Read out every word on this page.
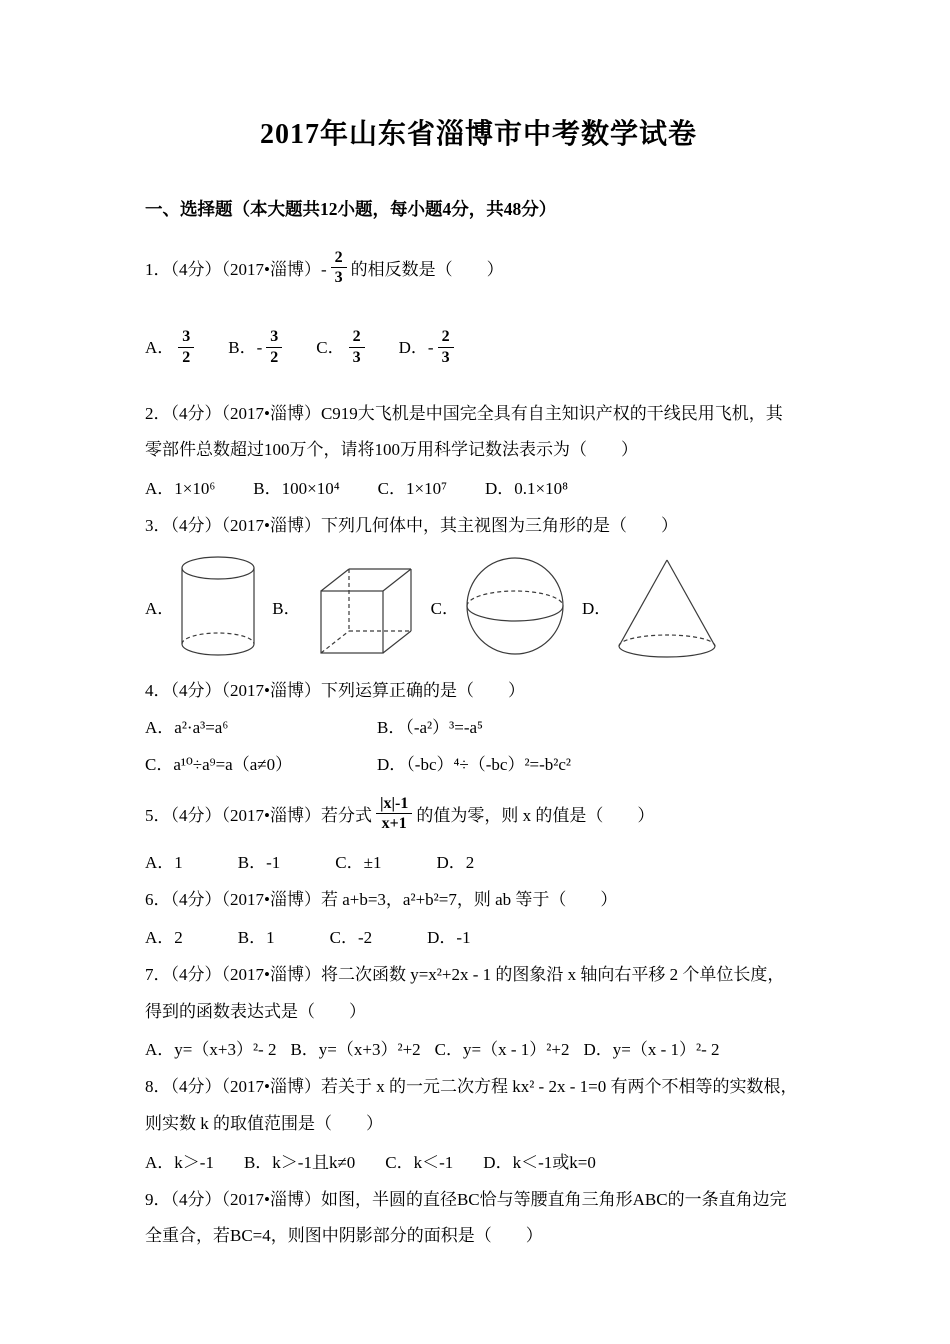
2017年山东省淄博市中考数学试卷
一、选择题（本大题共12小题，每小题4分，共48分）
1．（4分）（2017•淄博）- $\frac{2}{3}$ 的相反数是（　　）
A． $\frac{3}{2}$ B．- $\frac{3}{2}$ C． $\frac{2}{3}$ D．- $\frac{2}{3}$
2．（4分）（2017•淄博）C919大飞机是中国完全具有自主知识产权的干线民用飞机，其
零部件总数超过100万个，请将100万用科学记数法表示为（　　）
A．1×10⁶ B．100×10⁴ C．1×10⁷ D．0.1×10⁸
3．（4分）（2017•淄博）下列几何体中，其主视图为三角形的是（　　）
A．	B．	C．	D．
4．（4分）（2017•淄博）下列运算正确的是（　　）
A．a²·a³=a⁶	B．（-a²）³=-a⁵
C．a¹⁰÷a⁹=a（a≠0）	D．（-bc）⁴÷（-bc）²=-b²c²
5．（4分）（2017•淄博）若分式 $\frac{|x|-1}{x+1}$ 的值为零，则 x 的值是（　　）
A．1	B．-1	C．±1	D．2
6．（4分）（2017•淄博）若 a+b=3，a²+b²=7，则 ab 等于（　　）
A．2	B．1	C．-2	D．-1
7．（4分）（2017•淄博）将二次函数 y=x²+2x - 1 的图象沿 x 轴向右平移 2 个单位长度，
得到的函数表达式是（　　）
A．y=（x+3）²- 2 B．y=（x+3）²+2 C．y=（x - 1）²+2 D．y=（x - 1）²- 2
8．（4分）（2017•淄博）若关于 x 的一元二次方程 kx² - 2x - 1=0 有两个不相等的实数根，
则实数 k 的取值范围是（　　）
A．k＞-1 B．k＞-1且k≠0 C．k＜-1 D．k＜-1或k=0
9．（4分）（2017•淄博）如图，半圆的直径BC恰与等腰直角三角形ABC的一条直角边完
全重合，若BC=4，则图中阴影部分的面积是（　　）
